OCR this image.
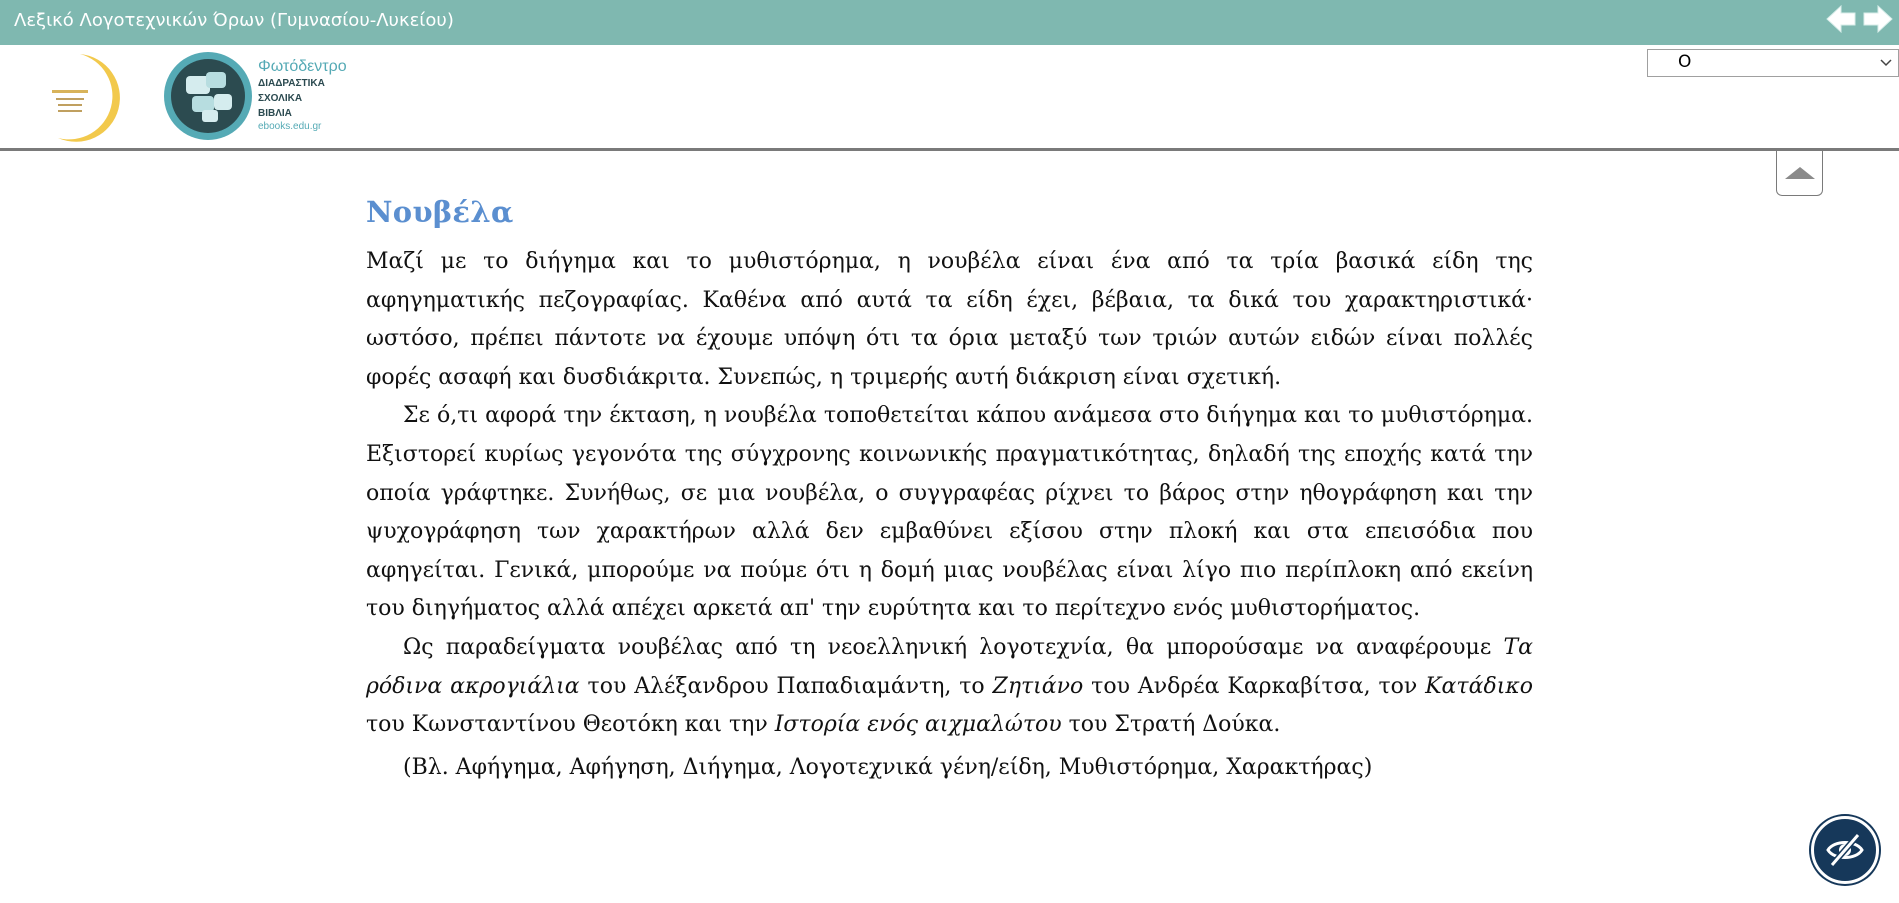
Λεξικό Λογοτεχνικών Όρων (Γυμνασίου-Λυκείου)
Φωτόδεντρο
ΔΙΑΔΡΑΣΤΙΚΑ
ΣΧΟΛΙΚΑ
ΒΙΒΛΙΑ
ebooks.edu.gr
Ο
Νουβέλα

Μαζί με το διήγημα και το μυθιστόρημα, η νουβέλα είναι ένα από τα τρία βασικά είδη της αφηγηματικής πεζογραφίας. Καθένα από αυτά τα είδη έχει, βέβαια, τα δικά του χαρακτηριστικά· ωστόσο, πρέπει πάντοτε να έχουμε υπόψη ότι τα όρια μεταξύ των τριών αυτών ειδών είναι πολλές φορές ασαφή και δυσδιάκριτα. Συνεπώς, η τριμερής αυτή διάκριση είναι σχετική.

Σε ό,τι αφορά την έκταση, η νουβέλα τοποθετείται κάπου ανάμεσα στο διήγημα και το μυθιστόρημα. Εξιστορεί κυρίως γεγονότα της σύγχρονης κοινωνικής πραγματικότητας, δηλαδή της εποχής κατά την οποία γράφτηκε. Συνήθως, σε μια νουβέλα, ο συγγραφέας ρίχνει το βάρος στην ηθογράφηση και την ψυχογράφηση των χαρακτήρων αλλά δεν εμβαθύνει εξίσου στην πλοκή και στα επεισόδια που αφηγείται. Γενικά, μπορούμε να πούμε ότι η δομή μιας νουβέλας είναι λίγο πιο περίπλοκη από εκείνη του διηγήματος αλλά απέχει αρκετά απ' την ευρύτητα και το περίτεχνο ενός μυθιστορήματος.

Ως παραδείγματα νουβέλας από τη νεοελληνική λογοτεχνία, θα μπορούσαμε να αναφέρουμε Τα ρόδινα ακρογιάλια του Αλέξανδρου Παπαδιαμάντη, το Ζητιάνο του Ανδρέα Καρκαβίτσα, τον Κατάδικο του Κωνσταντίνου Θεοτόκη και την Ιστορία ενός αιχμαλώτου του Στρατή Δούκα.

(Βλ. Αφήγημα, Αφήγηση, Διήγημα, Λογοτεχνικά γένη/είδη, Μυθιστόρημα, Χαρακτήρας)
